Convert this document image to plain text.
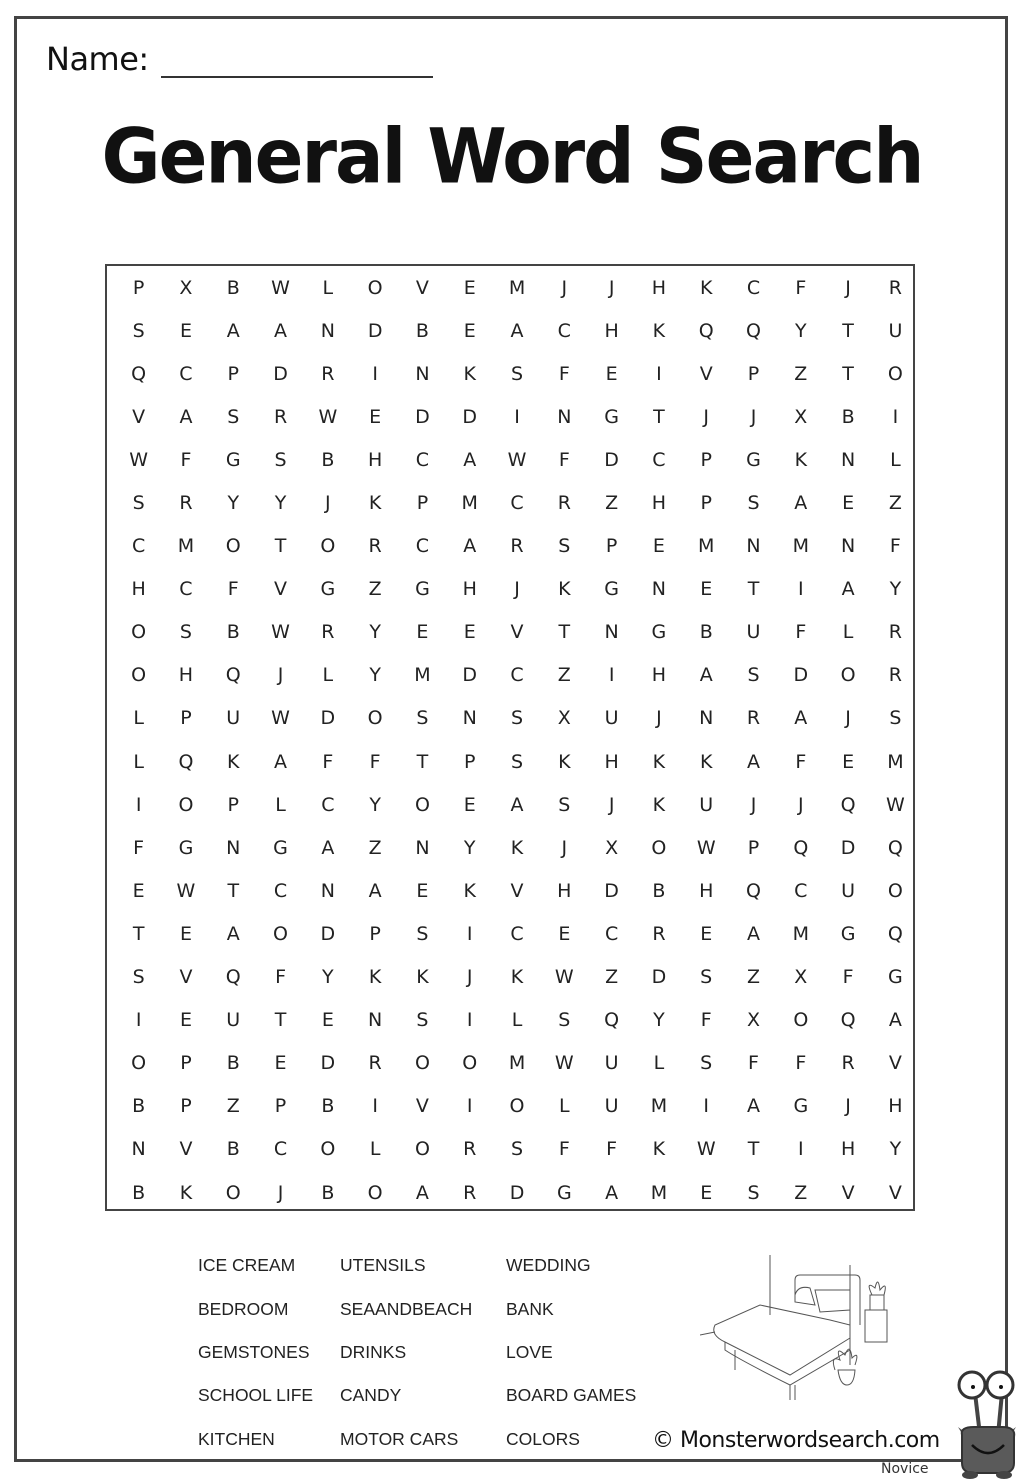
Name:
General Word Search
P	X	B	W	L	O	V	E	M	J	J	H	K	C	F	J	R
S	E	A	A	N	D	B	E	A	C	H	K	Q	Q	Y	T	U
Q	C	P	D	R	I	N	K	S	F	E	I	V	P	Z	T	O
V	A	S	R	W	E	D	D	I	N	G	T	J	J	X	B	I
W	F	G	S	B	H	C	A	W	F	D	C	P	G	K	N	L
S	R	Y	Y	J	K	P	M	C	R	Z	H	P	S	A	E	Z
C	M	O	T	O	R	C	A	R	S	P	E	M	N	M	N	F
H	C	F	V	G	Z	G	H	J	K	G	N	E	T	I	A	Y
O	S	B	W	R	Y	E	E	V	T	N	G	B	U	F	L	R
O	H	Q	J	L	Y	M	D	C	Z	I	H	A	S	D	O	R
L	P	U	W	D	O	S	N	S	X	U	J	N	R	A	J	S
L	Q	K	A	F	F	T	P	S	K	H	K	K	A	F	E	M
I	O	P	L	C	Y	O	E	A	S	J	K	U	J	J	Q	W
F	G	N	G	A	Z	N	Y	K	J	X	O	W	P	Q	D	Q
E	W	T	C	N	A	E	K	V	H	D	B	H	Q	C	U	O
T	E	A	O	D	P	S	I	C	E	C	R	E	A	M	G	Q
S	V	Q	F	Y	K	K	J	K	W	Z	D	S	Z	X	F	G
I	E	U	T	E	N	S	I	L	S	Q	Y	F	X	O	Q	A
O	P	B	E	D	R	O	O	M	W	U	L	S	F	F	R	V
B	P	Z	P	B	I	V	I	O	L	U	M	I	A	G	J	H
N	V	B	C	O	L	O	R	S	F	F	K	W	T	I	H	Y
B	K	O	J	B	O	A	R	D	G	A	M	E	S	Z	V	V
ICE CREAM
BEDROOM
GEMSTONES
SCHOOL LIFE
KITCHEN
UTENSILS
SEAANDBEACH
DRINKS
CANDY
MOTOR CARS
WEDDING
BANK
LOVE
BOARD GAMES
COLORS	© Monsterwordsearch.com
Novice
